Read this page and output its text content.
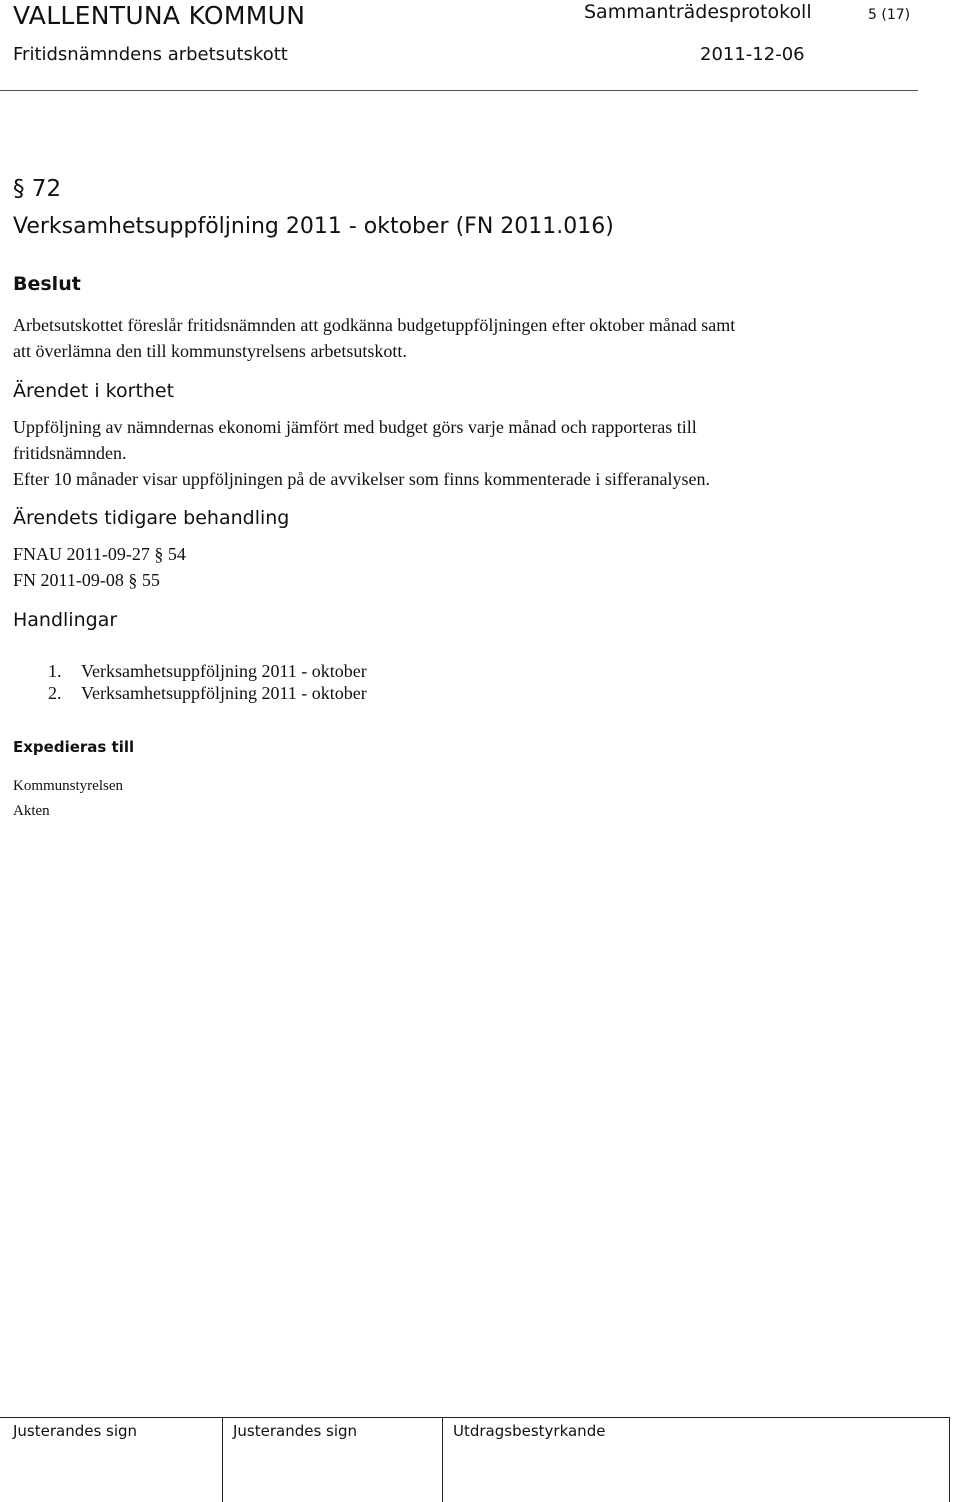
VALLENTUNA KOMMUN	Sammanträdesprotokoll	5 (17)
Fritidsnämndens arbetsutskott	2011-12-06
§ 72
Verksamhetsuppföljning 2011 - oktober (FN 2011.016)
Beslut
Arbetsutskottet föreslår fritidsnämnden att godkänna budgetuppföljningen efter oktober månad samt
att överlämna den till kommunstyrelsens arbetsutskott.
Ärendet i korthet
Uppföljning av nämndernas ekonomi jämfört med budget görs varje månad och rapporteras till
fritidsnämnden.
Efter 10 månader visar uppföljningen på de avvikelser som finns kommenterade i sifferanalysen.
Ärendets tidigare behandling
FNAU 2011-09-27 § 54
FN 2011-09-08 § 55
Handlingar
1. Verksamhetsuppföljning 2011 - oktober
2. Verksamhetsuppföljning 2011 - oktober
Expedieras till
Kommunstyrelsen
Akten
Justerandes sign	Justerandes sign	Utdragsbestyrkande
